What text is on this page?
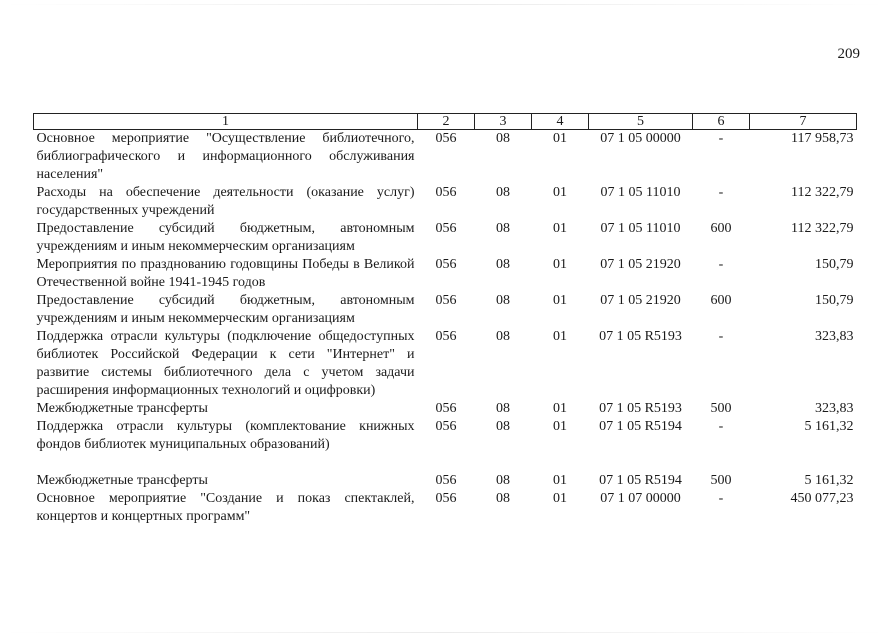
209
1	2	3	4	5	6	7
Основное мероприятие "Осуществление библиотечного, библиографического и информационного обслуживания населения"	056	08	01	07 1 05 00000	-	117 958,73
Расходы на обеспечение деятельности (оказание услуг) государственных учреждений	056	08	01	07 1 05 11010	-	112 322,79
Предоставление субсидий бюджетным, автономным учреждениям и иным некоммерческим организациям	056	08	01	07 1 05 11010	600	112 322,79
Мероприятия по празднованию годовщины Победы в Великой Отечественной войне 1941-1945 годов	056	08	01	07 1 05 21920	-	150,79
Предоставление субсидий бюджетным, автономным учреждениям и иным некоммерческим организациям	056	08	01	07 1 05 21920	600	150,79
Поддержка отрасли культуры (подключение общедоступных библиотек Российской Федерации к сети "Интернет" и развитие системы библиотечного дела с учетом задачи расширения информационных технологий и оцифровки)	056	08	01	07 1 05 R5193	-	323,83
Межбюджетные трансферты	056	08	01	07 1 05 R5193	500	323,83
Поддержка отрасли культуры (комплектование книжных фондов библиотек муниципальных образований)	056	08	01	07 1 05 R5194	-	5 161,32

Межбюджетные трансферты	056	08	01	07 1 05 R5194	500	5 161,32
Основное мероприятие "Создание и показ спектаклей, концертов и концертных программ"	056	08	01	07 1 07 00000	-	450 077,23
